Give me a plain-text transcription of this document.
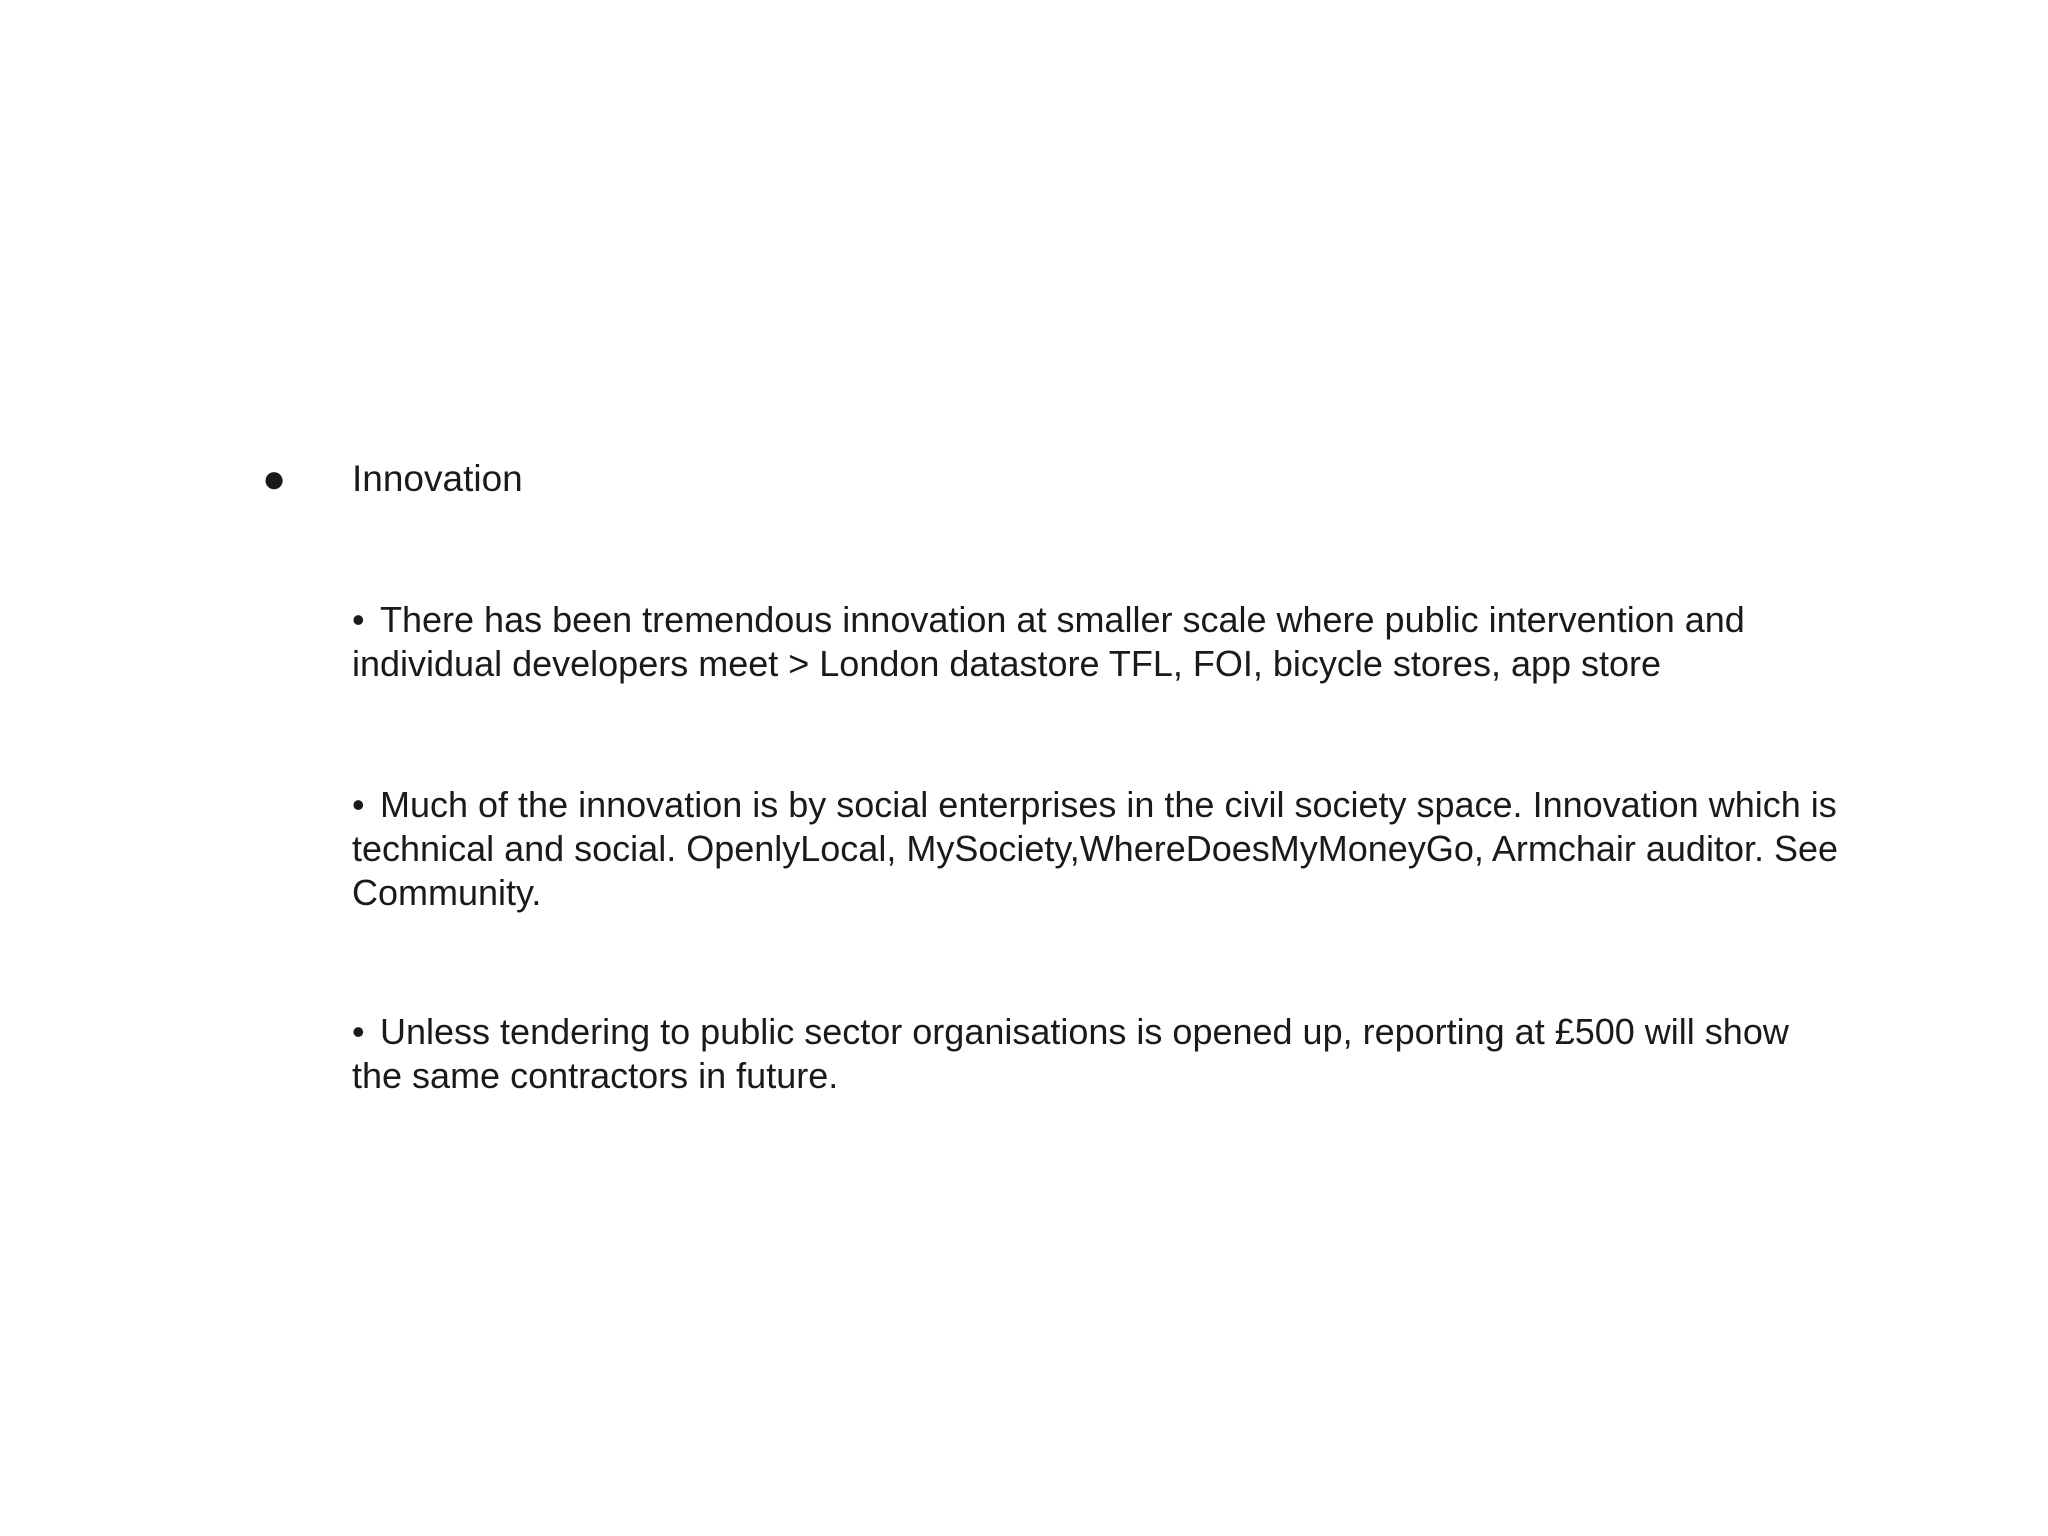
● Innovation
• There has been tremendous innovation at smaller scale where public intervention and
individual developers meet > London datastore TFL, FOI, bicycle stores, app store
• Much of the innovation is by social enterprises in the civil society space. Innovation which is
technical and social. OpenlyLocal, MySociety,WhereDoesMyMoneyGo, Armchair auditor. See
Community.
• Unless tendering to public sector organisations is opened up, reporting at £500 will show
the same contractors in future.
